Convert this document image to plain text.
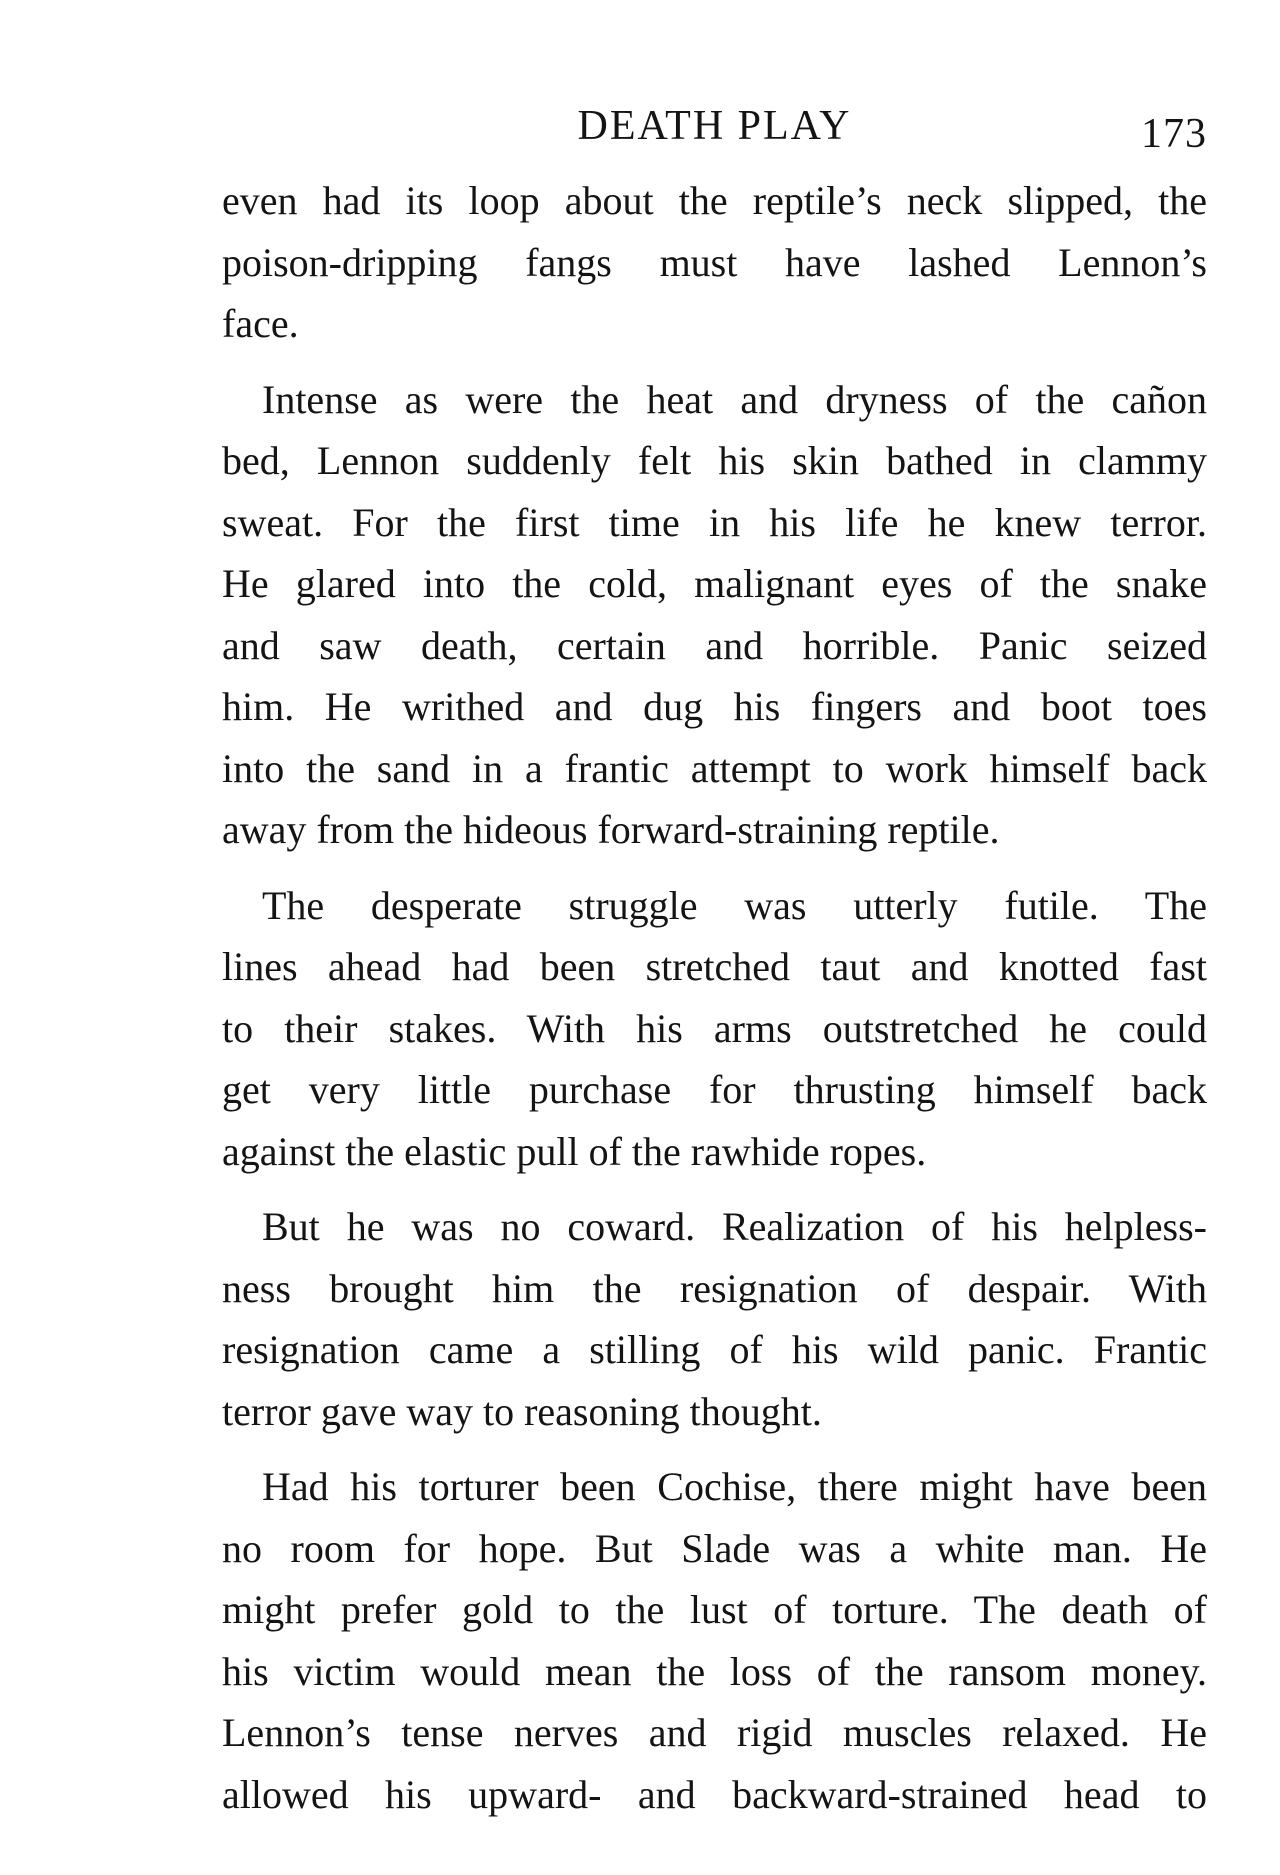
DEATH PLAY	173

even had its loop about the reptile’s neck slipped, the
poison-dripping fangs must have lashed Lennon’s
face.

Intense as were the heat and dryness of the cañon
bed, Lennon suddenly felt his skin bathed in clammy
sweat. For the first time in his life he knew terror.
He glared into the cold, malignant eyes of the snake
and saw death, certain and horrible. Panic seized
him. He writhed and dug his fingers and boot toes
into the sand in a frantic attempt to work himself back
away from the hideous forward-straining reptile.

The desperate struggle was utterly futile. The
lines ahead had been stretched taut and knotted fast
to their stakes. With his arms outstretched he could
get very little purchase for thrusting himself back
against the elastic pull of the rawhide ropes.

But he was no coward. Realization of his helpless-
ness brought him the resignation of despair. With
resignation came a stilling of his wild panic. Frantic
terror gave way to reasoning thought.

Had his torturer been Cochise, there might have been
no room for hope. But Slade was a white man. He
might prefer gold to the lust of torture. The death of
his victim would mean the loss of the ransom money.
Lennon’s tense nerves and rigid muscles relaxed. He
allowed his upward- and backward-strained head to
